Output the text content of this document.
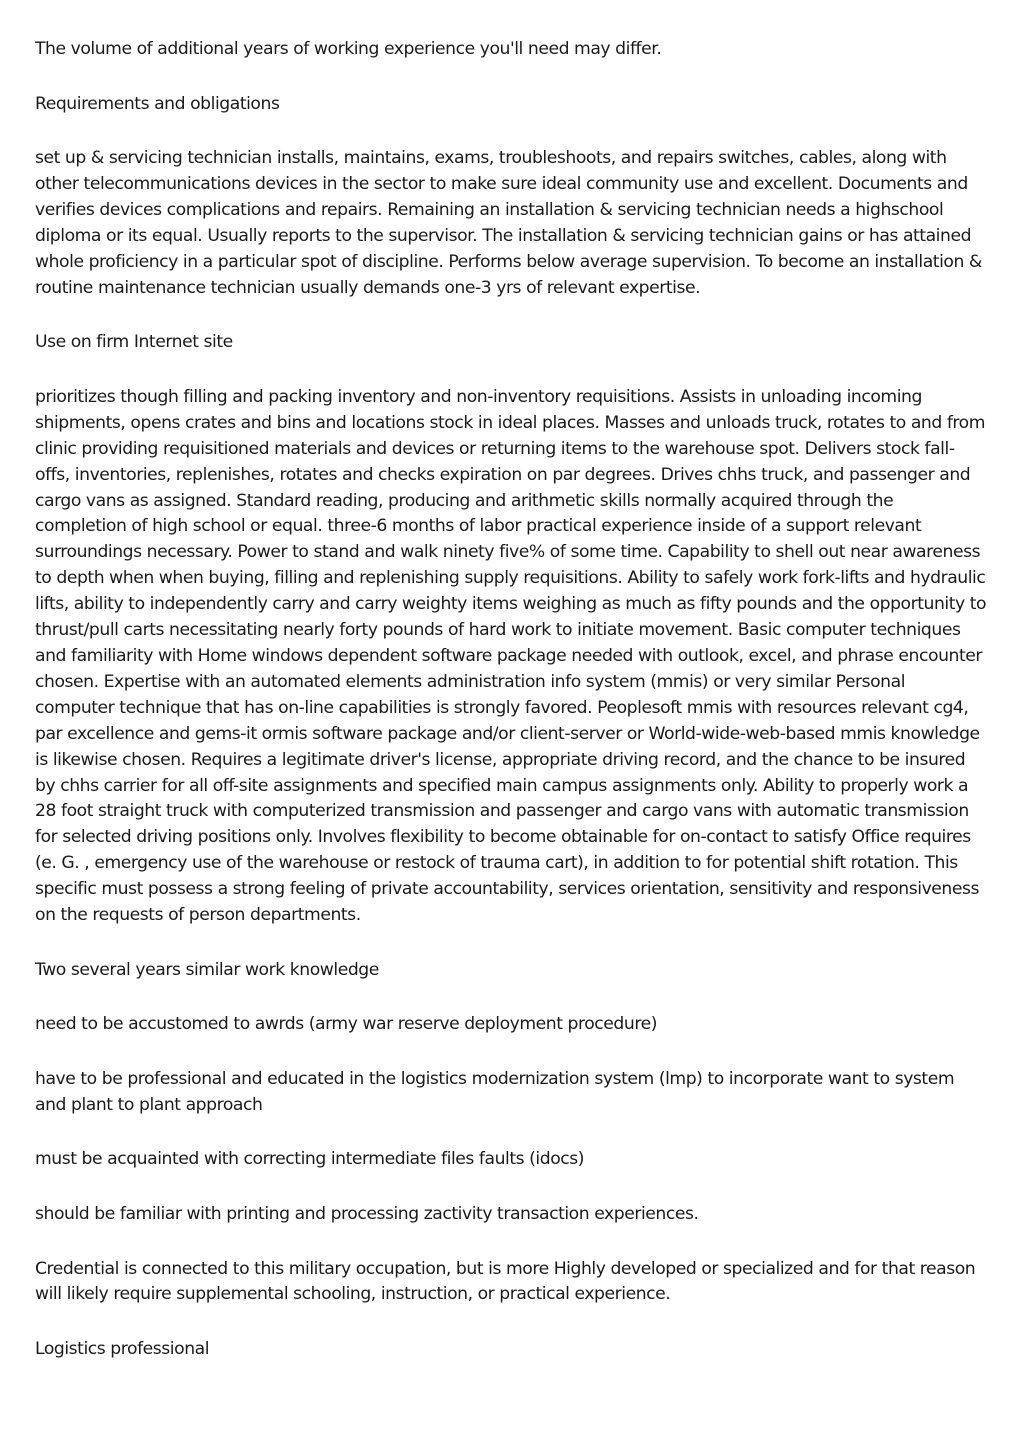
The volume of additional years of working experience you'll need may differ.

Requirements and obligations

set up & servicing technician installs, maintains, exams, troubleshoots, and repairs switches, cables, along with other telecommunications devices in the sector to make sure ideal community use and excellent. Documents and verifies devices complications and repairs. Remaining an installation & servicing technician needs a highschool diploma or its equal. Usually reports to the supervisor. The installation & servicing technician gains or has attained whole proficiency in a particular spot of discipline. Performs below average supervision. To become an installation & routine maintenance technician usually demands one-3 yrs of relevant expertise.

Use on firm Internet site

prioritizes though filling and packing inventory and non-inventory requisitions. Assists in unloading incoming shipments, opens crates and bins and locations stock in ideal places. Masses and unloads truck, rotates to and from clinic providing requisitioned materials and devices or returning items to the warehouse spot. Delivers stock fall-offs, inventories, replenishes, rotates and checks expiration on par degrees. Drives chhs truck, and passenger and cargo vans as assigned. Standard reading, producing and arithmetic skills normally acquired through the completion of high school or equal. three-6 months of labor practical experience inside of a support relevant surroundings necessary. Power to stand and walk ninety five% of some time. Capability to shell out near awareness to depth when when buying, filling and replenishing supply requisitions. Ability to safely work fork-lifts and hydraulic lifts, ability to independently carry and carry weighty items weighing as much as fifty pounds and the opportunity to thrust/pull carts necessitating nearly forty pounds of hard work to initiate movement. Basic computer techniques and familiarity with Home windows dependent software package needed with outlook, excel, and phrase encounter chosen. Expertise with an automated elements administration info system (mmis) or very similar Personal computer technique that has on-line capabilities is strongly favored. Peoplesoft mmis with resources relevant cg4, par excellence and gems-it ormis software package and/or client-server or World-wide-web-based mmis knowledge is likewise chosen. Requires a legitimate driver's license, appropriate driving record, and the chance to be insured by chhs carrier for all off-site assignments and specified main campus assignments only. Ability to properly work a 28 foot straight truck with computerized transmission and passenger and cargo vans with automatic transmission for selected driving positions only. Involves flexibility to become obtainable for on-contact to satisfy Office requires (e. G. , emergency use of the warehouse or restock of trauma cart), in addition to for potential shift rotation. This specific must possess a strong feeling of private accountability, services orientation, sensitivity and responsiveness on the requests of person departments.

Two several years similar work knowledge

need to be accustomed to awrds (army war reserve deployment procedure)

have to be professional and educated in the logistics modernization system (lmp) to incorporate want to system and plant to plant approach

must be acquainted with correcting intermediate files faults (idocs)

should be familiar with printing and processing zactivity transaction experiences.

Credential is connected to this military occupation, but is more Highly developed or specialized and for that reason will likely require supplemental schooling, instruction, or practical experience.

Logistics professional
